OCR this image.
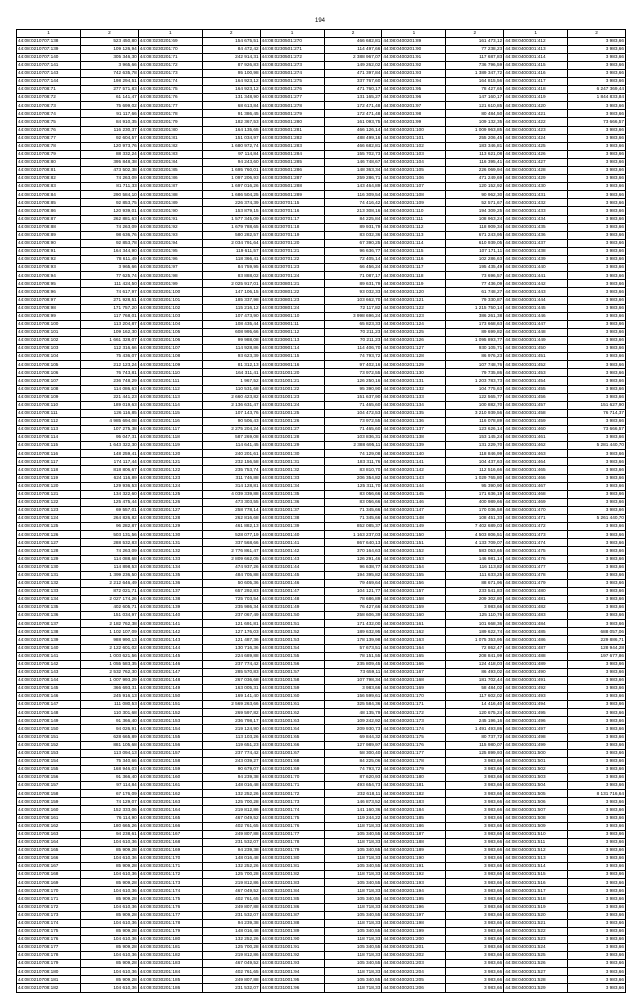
194
1	2	1	2	1	2	1	2	1	2
44:08:0210707:138	523 450,80	44:08:0230201:69	154 675,51	44:08:0230501:270	466 682,81	44:08:0400201:89	161 473,12	44:08:0400301:412	3 983,66
44:08:0210707:139	109 126,94	44:08:0230201:70	84 472,42	44:08:0230501:271	114 497,66	44:08:0400201:90	77 238,23	44:08:0400301:413	3 983,66
44:08:0210707:140	305 346,30	44:08:0230201:71	242 914,31	44:08:0230501:272	2 388 967,07	44:08:0400201:91	117 687,83	44:08:0400301:414	3 983,66
44:08:0210707:141	3 965,66	44:08:0230201:72	87 926,83	44:08:0230501:273	149 262,02	44:08:0400201:92	736 796,59	44:08:0400301:415	3 983,66
44:08:0210707:143	742 635,78	44:08:0230201:73	95 100,98	44:08:0230501:274	471 397,84	44:08:0400201:93	1 389 347,72	44:08:0400301:416	3 983,66
44:08:0210707:144	198 294,51	44:08:0230201:74	164 923,12	44:08:0230501:275	337 767,60	44:08:0400201:94	164 815,56	44:08:0400301:417	3 983,66
44:08:0210708:71	277 571,83	44:08:0230201:75	164 923,12	44:08:0230501:276	471 760,17	44:08:0400201:95	78 427,65	44:08:0400301:418	6 247 369,44
44:08:0210708:72	61 141,47	44:08:0230201:76	131 348,90	44:08:0230501:277	131 165,27	44:08:0400201:96	147 160,17	44:08:0400301:419	1 844 833,84
44:08:0210708:73	75 699,02	44:08:0230201:77	68 613,84	44:08:0230501:278	172 471,48	44:08:0400201:97	121 610,85	44:08:0400301:420	3 983,66
44:08:0210708:74	91 117,66	44:08:0230201:78	91 386,45	44:08:0230501:279	172 471,48	44:08:0400201:98	80 484,50	44:08:0400301:421	3 983,66
44:08:0210708:75	84 910,35	44:08:0230201:79	182 367,53	44:08:0230501:280	161 093,75	44:08:0400201:99	109 132,35	44:08:0400301:422	73 666,57
44:08:0210708:76	116 230,37	44:08:0230201:80	164 135,65	44:08:0230501:281	466 126,14	44:08:0400201:100	1 009 963,85	44:08:0400301:423	3 983,66
44:08:0210708:77	92 604,57	44:08:0230201:81	151 034,97	44:08:0230501:282	488 499,16	44:08:0400201:101	255 206,45	44:08:0400301:424	3 983,66
44:08:0210708:78	120 973,76	44:08:0230201:82	1 680 972,74	44:08:0230501:283	466 682,81	44:08:0400201:102	183 346,81	44:08:0400301:425	3 983,66
44:08:0210708:79	88 332,24	44:08:0230201:83	97 114,84	44:08:0230501:284	155 702,73	44:08:0400201:103	113 621,08	44:08:0400301:426	3 983,66
44:08:0210708:80	395 848,38	44:08:0230201:84	94 243,60	44:08:0230501:285	146 748,67	44:08:0400201:104	116 395,41	44:08:0400301:427	3 983,66
44:08:0210708:81	473 502,38	44:08:0230201:85	1 695 760,01	44:08:0230501:286	148 363,34	44:08:0400201:105	226 069,94	44:08:0400301:428	3 983,66
44:08:0210708:82	74 263,09	44:08:0230201:86	1 097 206,93	44:08:0230501:287	259 286,71	44:08:0400201:106	471 249,69	44:08:0400301:429	3 983,66
44:08:0210708:83	81 711,33	44:08:0230201:87	1 697 016,26	44:08:0230501:288	143 464,89	44:08:0400201:107	120 152,92	44:08:0400301:430	3 983,66
44:08:0210708:84	290 584,10	44:08:0230201:88	1 686 504,25	44:08:0230501:289	116 309,54	44:08:0400201:108	90 962,30	44:08:0400301:431	3 983,66
44:08:0210708:85	92 853,75	44:08:0230201:89	226 374,39	44:08:0230701:15	74 416,42	44:08:0400201:109	52 571,67	44:08:0400301:432	3 983,66
44:08:0210708:86	120 939,01	44:08:0230201:90	153 879,15	44:08:0230701:16	213 308,16	44:08:0400201:110	194 309,25	44:08:0400301:433	3 983,66
44:08:0210708:87	262 881,63	44:08:0230201:91	1 577 345,09	44:08:0230701:17	84 225,84	44:08:0400201:111	108 963,24	44:08:0400301:434	3 983,66
44:08:0210708:88	74 263,09	44:08:0230201:92	1 679 788,65	44:08:0230701:18	89 931,79	44:08:0400201:112	118 909,34	44:08:0400301:435	3 983,66
44:08:0210708:89	98 636,76	44:08:0230201:93	580 282,57	44:08:0230701:19	83 032,36	44:08:0400201:113	671 243,95	44:08:0400301:436	3 983,66
44:08:0210708:90	92 853,78	44:08:0230201:94	2 034 791,64	44:08:0230701:20	67 390,25	44:08:0400201:114	610 939,05	44:08:0400301:437	3 983,66
44:08:0210708:91	164 344,90	44:08:0230201:95	119 611,57	44:08:0230701:21	96 636,77	44:08:0400201:115	107 171,11	44:08:0400301:438	3 983,66
44:08:0210708:92	78 611,49	44:08:0230201:96	118 366,41	44:08:0230701:22	72 405,14	44:08:0400201:116	102 286,63	44:08:0400301:439	3 983,66
44:08:0210708:93	3 965,66	44:08:0230201:97	84 759,95	44:08:0230701:23	66 456,24	44:08:0400201:117	195 435,49	44:08:0400301:440	3 983,66
44:08:0210708:94	77 625,74	44:08:0230201:98	83 888,02	44:08:0230701:24	71 087,17	44:08:0400201:118	73 696,57	44:08:0400301:441	3 983,66
44:08:0210708:95	111 424,50	44:08:0230201:99	2 025 917,01	44:08:0230801:21	89 631,79	44:08:0400201:119	77 436,09	44:08:0400301:442	3 983,66
44:08:0210708:96	74 617,97	44:08:0230201:100	147 106,15	44:08:0230801:22	93 032,33	44:08:0400201:120	61 748,27	44:08:0400301:443	3 983,66
44:08:0210708:97	271 928,51	44:08:0230201:101	185 337,98	44:08:0230801:23	103 662,70	44:08:0400201:121	79 330,87	44:08:0400301:444	3 983,66
44:08:0210708:98	171 757,20	44:08:0230201:102	115 216,12	44:08:0230801:24	72 117,82	44:08:0400201:122	1 215 750,14	44:08:0400301:445	3 983,66
44:08:0210708:99	117 768,01	44:08:0230201:103	107 473,90	44:08:0230901:10	3 998 696,24	44:08:0400201:123	386 261,38	44:08:0400301:446	3 983,66
44:08:0210708:100	113 204,87	44:08:0230201:104	108 435,44	44:08:0230901:11	65 823,33	44:08:0400201:124	173 668,63	44:08:0400301:447	3 983,66
44:08:0210708:101	109 162,30	44:08:0230201:105	608 995,66	44:08:0230901:12	70 211,23	44:08:0400201:125	89 699,82	44:08:0400301:448	3 983,66
44:08:0210708:102	1 661 328,07	44:08:0230201:106	99 988,08	44:08:0230901:13	70 211,23	44:08:0400201:126	1 095 893,77	44:08:0400301:449	3 983,66
44:08:0210708:103	112 316,66	44:08:0230201:107	114 928,86	44:08:0230901:14	114 406,70	44:08:0400201:127	930 105,71	44:08:0400301:450	3 983,66
44:08:0210708:104	75 436,07	44:08:0230201:108	93 623,39	44:08:0230901:15	74 793,72	44:08:0400201:128	86 976,23	44:08:0400301:451	3 983,66
44:08:0210708:105	212 123,24	44:08:0230201:109	81 312,13	44:08:0230901:16	97 402,16	44:08:0400201:129	107 748,76	44:08:0400301:452	3 983,66
44:08:0210708:106	76 743,81	44:08:0230201:110	164 311,41	44:08:0231001:20	73 972,55	44:08:0400201:130	79 735,86	44:08:0400301:453	3 983,66
44:08:0210708:107	236 748,29	44:08:0230201:111	1 967,52	44:08:0231001:21	126 250,16	44:08:0400201:131	1 203 783,73	44:08:0400301:454	3 983,66
44:08:0210708:108	114 086,63	44:08:0230201:112	110 531,68	44:08:0231001:22	95 390,90	44:08:0400201:132	104 775,63	44:08:0400301:455	3 983,66
44:08:0210708:109	221 441,23	44:08:0230201:113	2 660 423,82	44:08:0231001:23	151 637,90	44:08:0400201:133	122 565,77	44:08:0400301:456	3 983,66
44:08:0210708:110	189 019,63	44:08:0230201:114	2 136 631,47	44:08:0231001:24	71 465,60	44:08:0400201:134	100 882,70	44:08:0400301:457	151 627,90
44:08:0210708:111	126 116,85	44:08:0230201:115	107 143,76	44:08:0231001:25	104 472,53	44:08:0400201:135	3 210 939,56	44:08:0400301:458	76 714,37
44:08:0210708:112	4 985 694,08	44:08:0230201:116	90 506,43	44:08:0231001:26	73 972,55	44:08:0400201:136	116 078,89	44:08:0400301:459	3 983,66
44:08:0210708:113	107 275,38	44:08:0230201:117	2 275 204,24	44:08:0231001:27	71 465,60	44:08:0400201:137	123 626,14	44:08:0400301:460	73 666,57
44:08:0210708:114	95 047,31	44:08:0230201:118	587 269,08	44:08:0231001:28	103 836,31	44:08:0400201:138	153 145,24	44:08:0400301:461	3 983,66
44:08:0210708:115	1 643 322,30	44:08:0230201:119	114 641,45	44:08:0231001:29	2 388 695,11	44:08:0400201:139	131 229,70	44:08:0400301:462	5 281 440,70
44:08:0210708:116	148 259,41	44:08:0230201:120	240 201,61	44:08:0231001:30	74 129,08	44:08:0400201:140	118 846,99	44:08:0400301:463	3 983,66
44:08:0210708:117	174 117,44	44:08:0230201:121	232 156,58	44:08:0231001:31	183 311,76	44:08:0400201:141	104 437,63	44:08:0400301:464	3 983,66
44:08:0210708:118	818 806,67	44:08:0230201:122	235 753,74	44:08:0231001:32	83 810,70	44:08:0400201:142	112 516,66	44:08:0400301:465	3 983,66
44:08:0210708:119	624 116,89	44:08:0230201:123	311 746,88	44:08:0231001:33	206 354,82	44:08:0400201:143	1 029 765,80	44:08:0400301:466	3 983,66
44:08:0210708:120	129 936,53	44:08:0230201:124	314 128,81	44:08:0231001:34	125 311,70	44:08:0400201:144	95 390,90	44:08:0400301:467	3 983,66
44:08:0210708:121	134 322,60	44:08:0230201:125	4 039 339,88	44:08:0231001:35	83 056,66	44:08:0400201:145	171 636,19	44:08:0400301:468	3 983,66
44:08:0210708:122	125 475,44	44:08:0230201:126	473 303,55	44:08:0231001:36	83 056,66	44:08:0400201:146	400 989,66	44:08:0400301:469	3 983,66
44:08:0210708:123	69 557,01	44:08:0230201:127	258 778,14	44:08:0231001:37	71 345,66	44:08:0400201:147	170 036,58	44:08:0400301:470	3 983,66
44:08:0210708:124	264 826,82	44:08:0230201:128	262 816,68	44:08:0231001:38	71 345,66	44:08:0400201:148	108 451,33	44:08:0400301:471	5 261 440,70
44:08:0210708:125	96 282,87	44:08:0230201:129	461 882,13	44:08:0231001:39	852 085,37	44:08:0400201:149	7 402 689,03	44:08:0400301:472	3 983,66
44:08:0210708:126	503 131,56	44:08:0230201:130	528 077,19	44:08:0231001:40	1 163 237,03	44:08:0400201:150	4 503 806,51	44:08:0400301:473	3 983,66
44:08:0210708:127	288 532,83	44:08:0230201:131	337 568,66	44:08:0231001:41	867 640,13	44:08:0400201:151	4 133 709,07	44:08:0400301:474	3 983,66
44:08:0210708:128	74 263,09	44:08:0230201:132	2 776 861,47	44:08:0231001:42	370 164,63	44:08:0400201:152	583 053,65	44:08:0400301:475	3 983,66
44:08:0210708:129	114 088,68	44:08:0230201:133	2 809 662,05	44:08:0231001:43	126 291,46	44:08:0400201:153	146 981,14	44:08:0400301:476	3 983,66
44:08:0210708:130	114 898,53	44:08:0230201:134	474 937,26	44:08:0231001:44	96 638,77	44:08:0400201:154	116 113,82	44:08:0400301:477	3 983,66
44:08:0210708:131	1 399 236,50	44:08:0230201:135	484 705,88	44:08:0231001:45	194 395,82	44:08:0400201:155	111 633,25	44:08:0400301:478	3 983,66
44:08:0210708:132	2 212 646,49	44:08:0230201:136	50 605,36	44:08:0231001:46	79 469,64	44:08:0400201:156	88 671,96	44:08:0400301:479	3 983,66
44:08:0210708:133	872 021,71	44:08:0230201:137	657 292,83	44:08:0231001:47	104 121,77	44:08:0400201:157	233 541,83	44:08:0400301:480	3 983,66
44:08:0210708:134	2 027 174,26	44:08:0230201:138	725 703,54	44:08:0231001:48	78 686,89	44:08:0400201:158	209 302,80	44:08:0400301:481	3 983,66
44:08:0210708:135	402 605,71	44:08:0230201:139	235 986,34	44:08:0231001:49	76 427,66	44:08:0400201:159	3 983,66	44:08:0400301:482	3 983,66
44:08:0210708:136	151 034,97	44:08:0230201:140	237 067,49	44:08:0231001:50	258 606,39	44:08:0400201:160	125 110,76	44:08:0400301:483	3 983,66
44:08:0210708:137	2 182 762,38	44:08:0230201:141	121 691,81	44:08:0231001:51	171 432,00	44:08:0400201:161	101 668,36	44:08:0400301:484	3 983,66
44:08:0210708:138	1 102 107,09	44:08:0230201:142	127 176,03	44:08:0231001:52	189 632,95	44:08:0400201:162	189 622,74	44:08:0400301:485	688 057,06
44:08:0210708:139	988 990,13	44:08:0230201:143	121 487,36	44:08:0231001:53	178 139,98	44:08:0400201:163	1 075 353,95	44:08:0400301:486	229 886,71
44:08:0210708:140	2 122 601,02	44:08:0230201:144	130 716,36	44:08:0231001:54	57 673,51	44:08:0400201:164	72 862,47	44:08:0400301:487	128 944,28
44:08:0210708:141	1 003 621,56	44:08:0230201:145	224 689,88	44:08:0231001:55	78 151,55	44:08:0400201:165	208 841,99	44:08:0400301:488	197 677,86
44:08:0210708:142	1 055 583,35	44:08:0230201:146	237 774,42	44:08:0231001:56	235 809,45	44:08:0400201:166	124 418,03	44:08:0400301:489	3 983,66
44:08:0210708:143	2 532 762,30	44:08:0230201:147	285 570,83	44:08:0231001:57	73 659,11	44:08:0400201:167	86 493,02	44:08:0400301:490	3 983,66
44:08:0210708:144	1 007 993,29	44:08:0230201:148	267 036,68	44:08:0231001:58	107 798,34	44:08:0400201:168	181 702,44	44:08:0400301:491	3 983,66
44:08:0210708:145	366 693,31	44:08:0230201:149	163 005,31	44:08:0231001:59	3 983,66	44:08:0400201:169	58 484,02	44:08:0400301:492	3 983,66
44:08:0210708:146	245 916,13	44:08:0230201:150	169 141,40	44:08:0231001:60	156 599,61	44:08:0400201:170	117 602,02	44:08:0400301:493	3 983,66
44:08:0210708:147	111 080,53	44:08:0230201:151	2 569 263,66	44:08:0231001:61	325 584,36	44:08:0400201:171	14 416,40	44:08:0400301:494	3 983,66
44:08:0210708:148	110 301,68	44:08:0230201:152	269 597,82	44:08:0231001:62	48 135,79	44:08:0400201:172	120 675,24	44:08:0400301:495	3 983,66
44:08:0210708:149	91 366,40	44:08:0230201:153	236 798,17	44:08:0231001:63	109 242,92	44:08:0400201:173	245 196,16	44:08:0400301:496	3 983,66
44:08:0210708:150	94 026,91	44:08:0230201:154	219 124,90	44:08:0231001:64	209 930,73	44:08:0400201:174	1 491 493,86	44:08:0400301:497	3 983,66
44:08:0210708:151	628 665,89	44:08:0230201:155	113 103,26	44:08:0231001:65	69 844,32	44:08:0400201:175	80 737,72	44:08:0400301:498	3 983,66
44:08:0210708:152	881 105,68	44:08:0230201:156	119 651,23	44:08:0231001:66	127 989,97	44:08:0400201:176	115 980,07	44:08:0400301:499	3 983,66
44:08:0210708:153	113 094,13	44:08:0230201:157	237 774,42	44:08:0231001:67	58 300,40	44:08:0400201:177	125 899,93	44:08:0400301:500	3 983,66
44:08:0210708:154	75 340,66	44:08:0230201:158	243 039,27	44:08:0231001:68	84 225,06	44:08:0400201:178	3 983,66	44:08:0400301:501	3 983,66
44:08:0210708:155	168 946,03	44:08:0230201:159	90 679,07	44:08:0231001:69	74 793,72	44:08:0400201:179	3 983,66	44:08:0400301:502	3 983,66
44:08:0210708:156	91 366,40	44:08:0230201:160	94 239,38	44:08:0231001:70	87 620,93	44:08:0400201:180	3 983,66	44:08:0400301:503	3 983,66
44:08:0210708:157	97 114,84	44:08:0230201:161	148 016,48	44:08:0231001:71	493 654,73	44:08:0400201:181	3 983,66	44:08:0400301:504	3 983,66
44:08:0210708:158	67 176,09	44:08:0230201:162	132 252,26	44:08:0231001:72	232 618,11	44:08:0400201:182	3 983,66	44:08:0400301:505	8 131 716,64
44:08:0210708:159	74 129,07	44:08:0230201:163	125 700,28	44:08:0231001:73	146 873,52	44:08:0400201:183	3 983,66	44:08:0400301:506	3 983,66
44:08:0210708:160	152 333,06	44:08:0230201:164	219 812,86	44:08:0231001:74	141 160,36	44:08:0400201:184	3 983,66	44:08:0400301:507	3 983,66
44:08:0210708:161	76 114,90	44:08:0230201:165	467 049,52	44:08:0231001:75	119 244,22	44:08:0400201:185	3 983,66	44:08:0400301:508	3 983,66
44:08:0210708:162	180 665,26	44:08:0230201:166	402 761,65	44:08:0231001:76	118 718,33	44:08:0400201:186	3 983,66	44:08:0400301:509	3 983,66
44:08:0210708:163	94 238,61	44:08:0230201:167	249 807,88	44:08:0231001:77	105 340,55	44:08:0400201:187	3 983,66	44:08:0400301:510	3 983,66
44:08:0210708:164	104 610,36	44:08:0230201:168	231 532,07	44:08:0231001:78	118 718,33	44:08:0400201:188	3 983,66	44:08:0400301:511	3 983,66
44:08:0210708:165	85 909,28	44:08:0230201:169	94 239,38	44:08:0231001:79	105 340,55	44:08:0400201:189	3 983,66	44:08:0400301:512	3 983,66
44:08:0210708:166	104 610,36	44:08:0230201:170	148 016,48	44:08:0231001:80	118 718,33	44:08:0400201:190	3 983,66	44:08:0400301:513	3 983,66
44:08:0210708:167	85 909,28	44:08:0230201:171	132 252,26	44:08:0231001:81	105 340,55	44:08:0400201:191	3 983,66	44:08:0400301:514	3 983,66
44:08:0210708:168	104 610,36	44:08:0230201:172	125 700,28	44:08:0231001:82	118 718,33	44:08:0400201:192	3 983,66	44:08:0400301:515	3 983,66
44:08:0210708:169	85 909,28	44:08:0230201:173	219 812,86	44:08:0231001:83	105 340,55	44:08:0400201:193	3 983,66	44:08:0400301:516	3 983,66
44:08:0210708:170	104 610,36	44:08:0230201:174	467 049,52	44:08:0231001:84	118 718,33	44:08:0400201:194	3 983,66	44:08:0400301:517	3 983,66
44:08:0210708:171	85 909,28	44:08:0230201:175	402 761,65	44:08:0231001:85	105 340,55	44:08:0400201:195	3 983,66	44:08:0400301:518	3 983,66
44:08:0210708:172	104 610,36	44:08:0230201:176	249 807,88	44:08:0231001:86	118 718,33	44:08:0400201:196	3 983,66	44:08:0400301:519	3 983,66
44:08:0210708:173	85 909,28	44:08:0230201:177	231 532,07	44:08:0231001:87	105 340,55	44:08:0400201:197	3 983,66	44:08:0400301:520	3 983,66
44:08:0210708:174	104 610,36	44:08:0230201:178	94 239,38	44:08:0231001:88	118 718,33	44:08:0400201:198	3 983,66	44:08:0400301:521	3 983,66
44:08:0210708:175	85 909,28	44:08:0230201:179	148 016,48	44:08:0231001:89	105 340,55	44:08:0400201:199	3 983,66	44:08:0400301:522	3 983,66
44:08:0210708:176	104 610,36	44:08:0230201:180	132 252,26	44:08:0231001:90	118 718,33	44:08:0400201:200	3 983,66	44:08:0400301:523	3 983,66
44:08:0210708:177	85 909,28	44:08:0230201:181	125 700,28	44:08:0231001:91	105 340,55	44:08:0400201:201	3 983,66	44:08:0400301:524	3 983,66
44:08:0210708:178	104 610,36	44:08:0230201:182	219 812,86	44:08:0231001:92	118 718,33	44:08:0400201:202	3 983,66	44:08:0400301:525	3 983,66
44:08:0210708:179	85 909,28	44:08:0230201:183	467 049,52	44:08:0231001:93	105 340,55	44:08:0400201:203	3 983,66	44:08:0400301:526	3 983,66
44:08:0210708:180	104 610,36	44:08:0230201:184	402 761,65	44:08:0231001:94	118 718,33	44:08:0400201:204	3 983,66	44:08:0400301:527	3 983,66
44:08:0210708:181	85 909,28	44:08:0230201:185	249 807,88	44:08:0231001:95	105 340,55	44:08:0400201:205	3 983,66	44:08:0400301:528	3 983,66
44:08:0210708:182	104 610,36	44:08:0230201:186	231 532,07	44:08:0231001:96	118 718,33	44:08:0400201:206	3 983,66	44:08:0400301:529	3 983,66
